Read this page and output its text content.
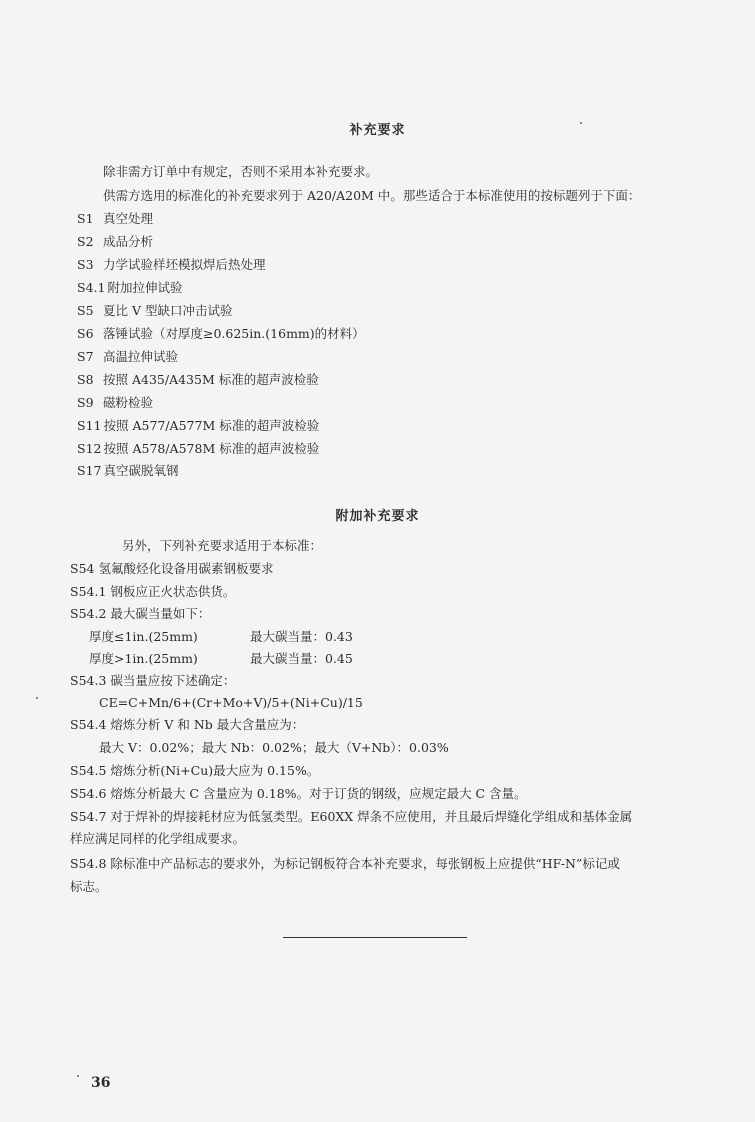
补充要求
除非需方订单中有规定，否则不采用本补充要求。
供需方选用的标准化的补充要求列于 A20/A20M 中。那些适合于本标准使用的按标题列于下面：
S1 真空处理
S2 成品分析
S3 力学试验样坯模拟焊后热处理
S4.1 附加拉伸试验
S5 夏比 V 型缺口冲击试验
S6 落锤试验（对厚度≥0.625in.(16mm)的材料）
S7 高温拉伸试验
S8 按照 A435/A435M 标准的超声波检验
S9 磁粉检验
S11 按照 A577/A577M 标准的超声波检验
S12 按照 A578/A578M 标准的超声波检验
S17 真空碳脱氧钢
附加补充要求
另外，下列补充要求适用于本标准：
S54 氢氟酸烃化设备用碳素钢板要求
S54.1 钢板应正火状态供货。
S54.2 最大碳当量如下：
厚度≤1in.(25mm)	最大碳当量：0.43
厚度>1in.(25mm)	最大碳当量：0.45
S54.3 碳当量应按下述确定：
CE=C+Mn/6+(Cr+Mo+V)/5+(Ni+Cu)/15
S54.4 熔炼分析 V 和 Nb 最大含量应为：
最大 V：0.02%；最大 Nb：0.02%；最大（V+Nb）：0.03%
S54.5 熔炼分析(Ni+Cu)最大应为 0.15%。
S54.6 熔炼分析最大 C 含量应为 0.18%。对于订货的钢级，应规定最大 C 含量。
S54.7 对于焊补的焊接耗材应为低氢类型。E60XX 焊条不应使用，并且最后焊缝化学组成和基体金属
样应满足同样的化学组成要求。
S54.8 除标准中产品标志的要求外，为标记钢板符合本补充要求，每张钢板上应提供“HF-N”标记或
标志。
36
